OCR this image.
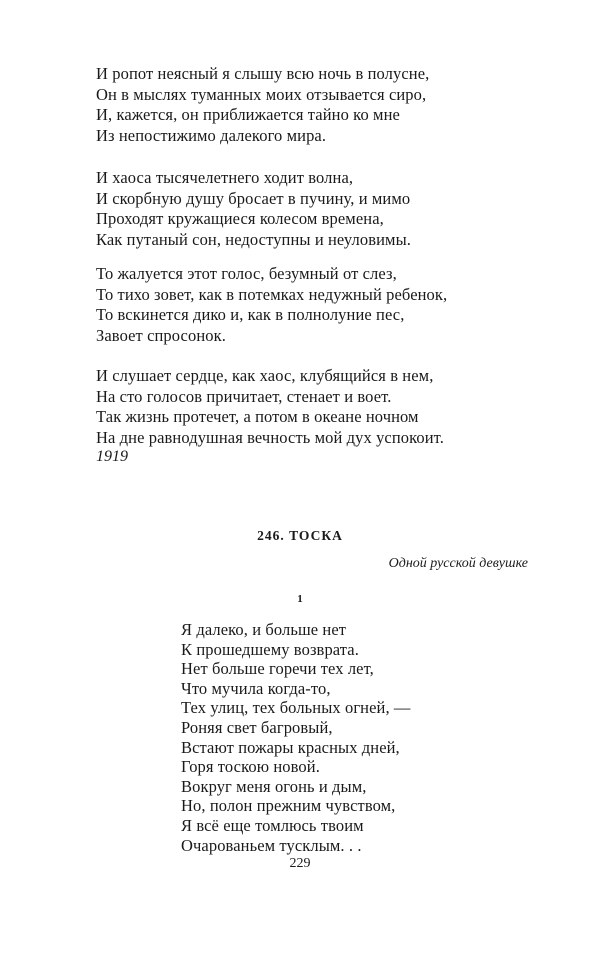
И ропот неясный я слышу всю ночь в полусне,
Он в мыслях туманных моих отзывается сиро,
И, кажется, он приближается тайно ко мне
Из непостижимо далекого мира.
И хаоса тысячелетнего ходит волна,
И скорбную душу бросает в пучину, и мимо
Проходят кружащиеся колесом времена,
Как путаный сон, недоступны и неуловимы.
То жалуется этот голос, безумный от слез,
То тихо зовет, как в потемках недужный ребенок,
То вскинется дико и, как в полнолуние пес,
Завоет спросонок.
И слушает сердце, как хаос, клубящийся в нем,
На сто голосов причитает, стенает и воет.
Так жизнь протечет, а потом в океане ночном
На дне равнодушная вечность мой дух успокоит.
1919
246. ТОСКА
Одной русской девушке
1
Я далеко, и больше нет
К прошедшему возврата.
Нет больше горечи тех лет,
Что мучила когда-то,
Тех улиц, тех больных огней, —
Роняя свет багровый,
Встают пожары красных дней,
Горя тоскою новой.
Вокруг меня огонь и дым,
Но, полон прежним чувством,
Я всё еще томлюсь твоим
Очарованьем тусклым. . .
229
